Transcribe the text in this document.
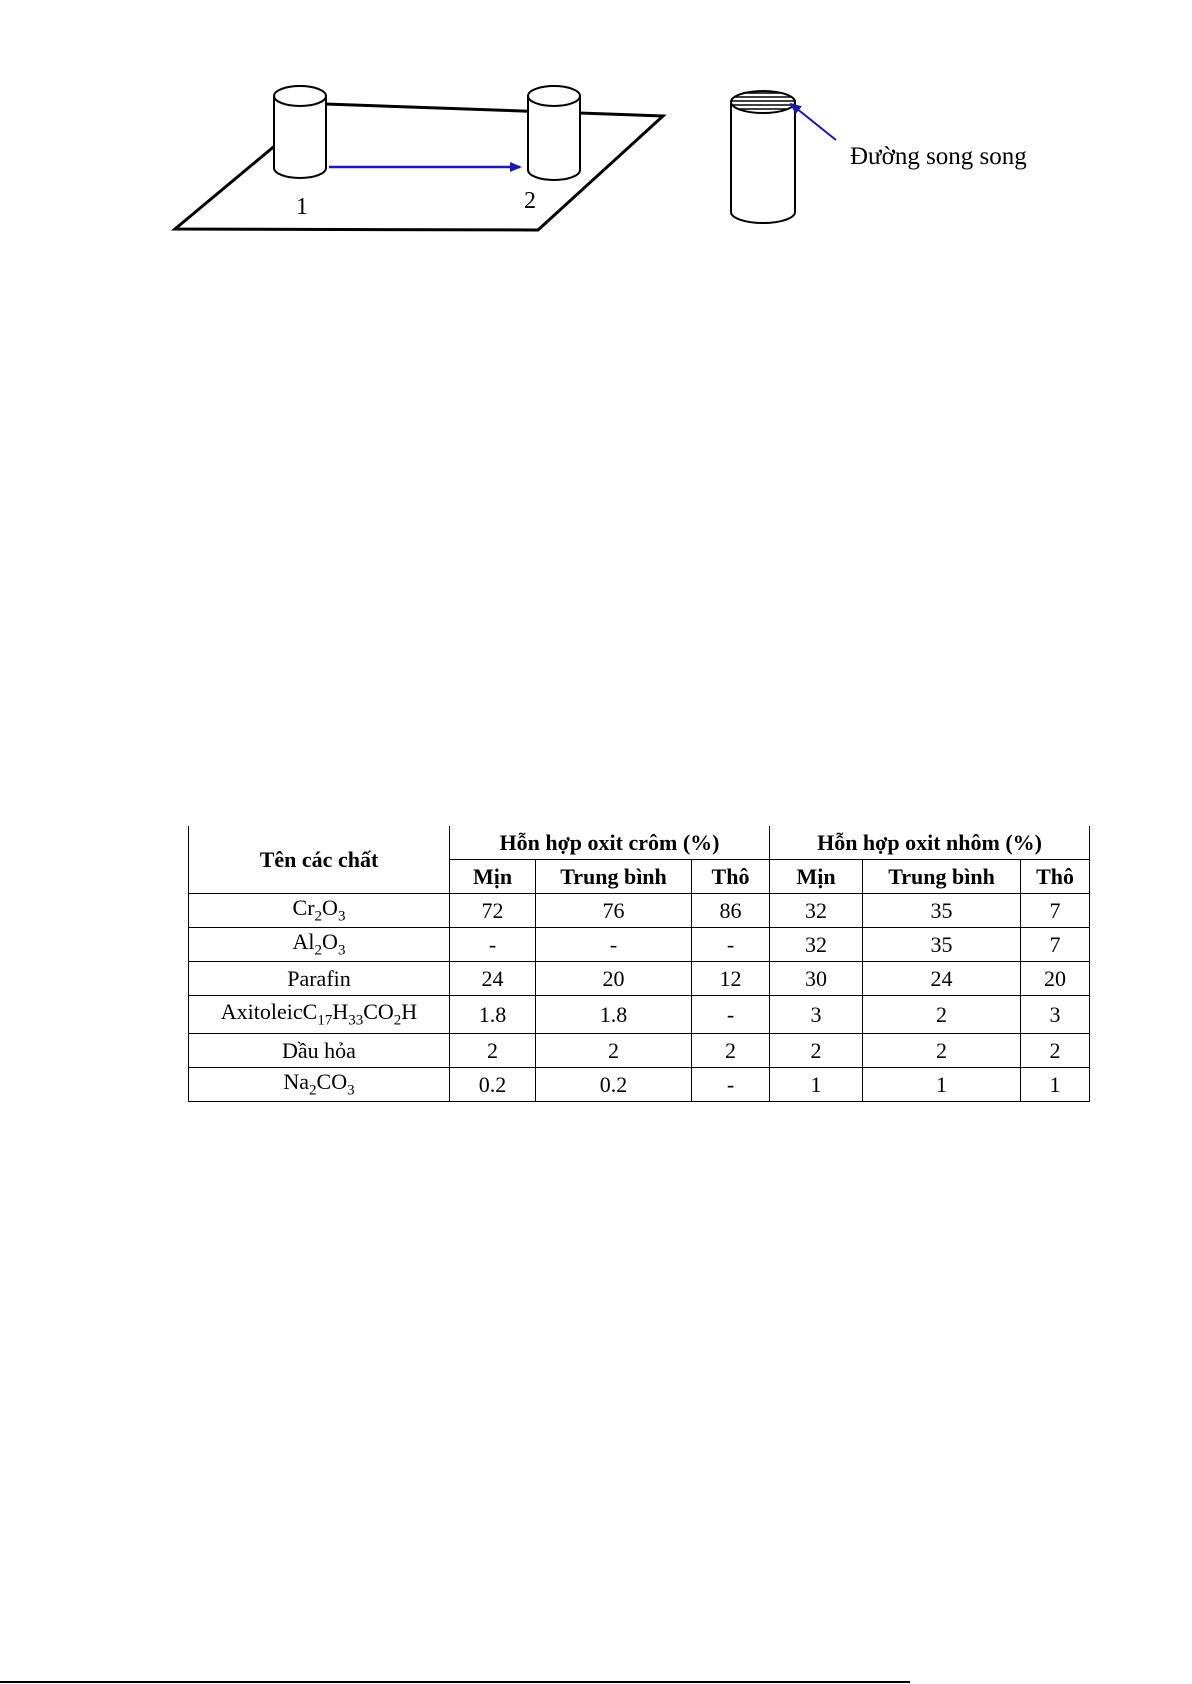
1	2
Đường song song
Tên các chất	Hỗn hợp oxit crôm (%)			Hỗn hợp oxit nhôm (%)		
	Mịn	Trung bình	Thô	Mịn	Trung bình	Thô
$Cr_2O_3$	72	76	86	32	35	7
$Al_2O_3$	-	-	-	32	35	7
Parafin	24	20	12	30	24	20
$AxitoleicC_{17}H_{33}CO_2H$	1.8	1.8	-	3	2	3
Dầu hỏa	2	2	2	2	2	2
$Na_2CO_3$	0.2	0.2	-	1	1	1
